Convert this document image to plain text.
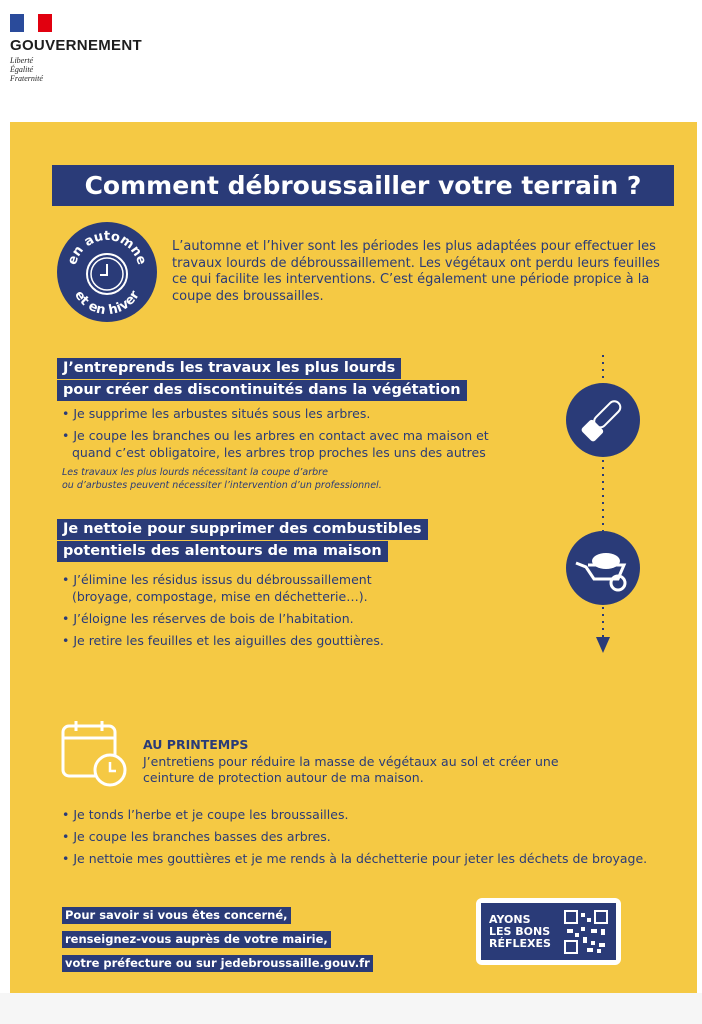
GOUVERNEMENT
Liberté
Égalité
Fraternité
Comment débroussailler votre terrain ?
en automne
et en hiver
L’automne et l’hiver sont les périodes les plus adaptées pour effectuer les travaux lourds de débroussaillement. Les végétaux ont perdu leurs feuilles ce qui facilite les interventions. C’est également une période propice à la coupe des broussailles.
J’entreprends les travaux les plus lourds
pour créer des discontinuités dans la végétation
• Je supprime les arbustes situés sous les arbres.
• Je coupe les branches ou les arbres en contact avec ma maison et quand c’est obligatoire, les arbres trop proches les uns des autres
Les travaux les plus lourds nécessitant la coupe d’arbre
ou d’arbustes peuvent nécessiter l’intervention d’un professionnel.
Je nettoie pour supprimer des combustibles
potentiels des alentours de ma maison
• J’élimine les résidus issus du débroussaillement (broyage, compostage, mise en déchetterie…).
• J’éloigne les réserves de bois de l’habitation.
• Je retire les feuilles et les aiguilles des gouttières.
AU PRINTEMPS
J’entretiens pour réduire la masse de végétaux au sol et créer une ceinture de protection autour de ma maison.
• Je tonds l’herbe et je coupe les broussailles.
• Je coupe les branches basses des arbres.
• Je nettoie mes gouttières et je me rends à la déchetterie pour jeter les déchets de broyage.
Pour savoir si vous êtes concerné,
renseignez-vous auprès de votre mairie,
votre préfecture ou sur jedebroussaille.gouv.fr
AYONS
LES BONS
RÉFLEXES
